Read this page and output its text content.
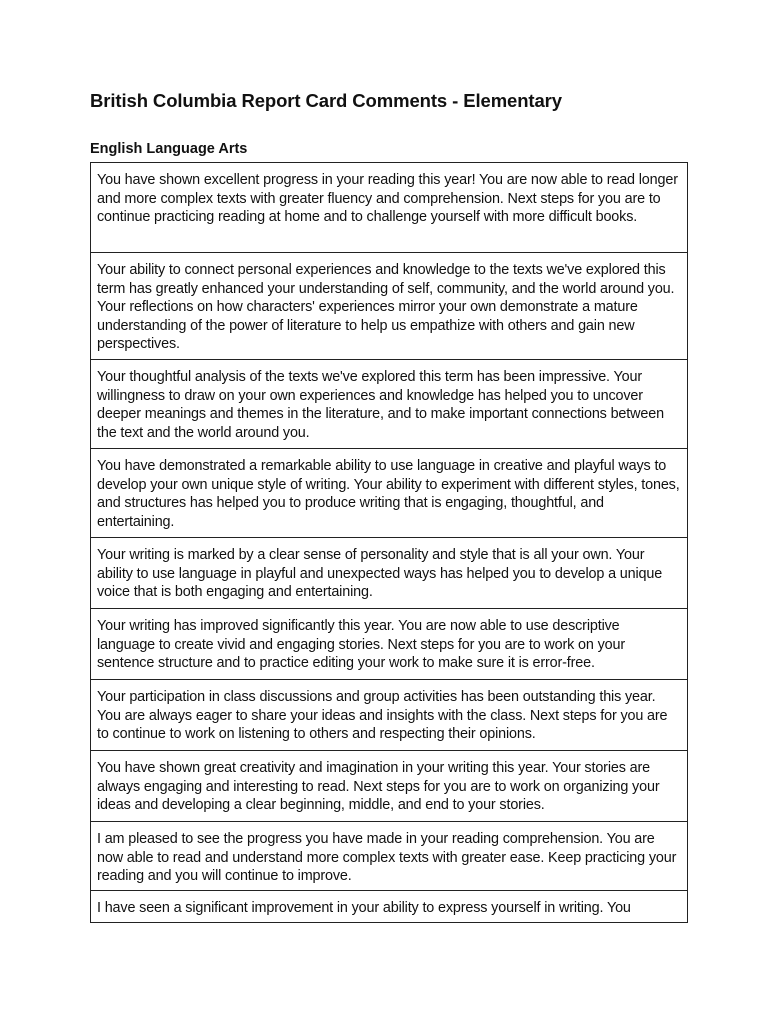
British Columbia Report Card Comments - Elementary
English Language Arts
You have shown excellent progress in your reading this year! You are now able to read longer and more complex texts with greater fluency and comprehension. Next steps for you are to continue practicing reading at home and to challenge yourself with more difficult books.
Your ability to connect personal experiences and knowledge to the texts we've explored this term has greatly enhanced your understanding of self, community, and the world around you. Your reflections on how characters' experiences mirror your own demonstrate a mature understanding of the power of literature to help us empathize with others and gain new perspectives.
Your thoughtful analysis of the texts we've explored this term has been impressive. Your willingness to draw on your own experiences and knowledge has helped you to uncover deeper meanings and themes in the literature, and to make important connections between the text and the world around you.
You have demonstrated a remarkable ability to use language in creative and playful ways to develop your own unique style of writing. Your ability to experiment with different styles, tones, and structures has helped you to produce writing that is engaging, thoughtful, and entertaining.
Your writing is marked by a clear sense of personality and style that is all your own. Your ability to use language in playful and unexpected ways has helped you to develop a unique voice that is both engaging and entertaining.
Your writing has improved significantly this year. You are now able to use descriptive language to create vivid and engaging stories. Next steps for you are to work on your sentence structure and to practice editing your work to make sure it is error-free.
Your participation in class discussions and group activities has been outstanding this year. You are always eager to share your ideas and insights with the class. Next steps for you are to continue to work on listening to others and respecting their opinions.
You have shown great creativity and imagination in your writing this year. Your stories are always engaging and interesting to read. Next steps for you are to work on organizing your ideas and developing a clear beginning, middle, and end to your stories.
I am pleased to see the progress you have made in your reading comprehension. You are now able to read and understand more complex texts with greater ease. Keep practicing your reading and you will continue to improve.
I have seen a significant improvement in your ability to express yourself in writing. You
